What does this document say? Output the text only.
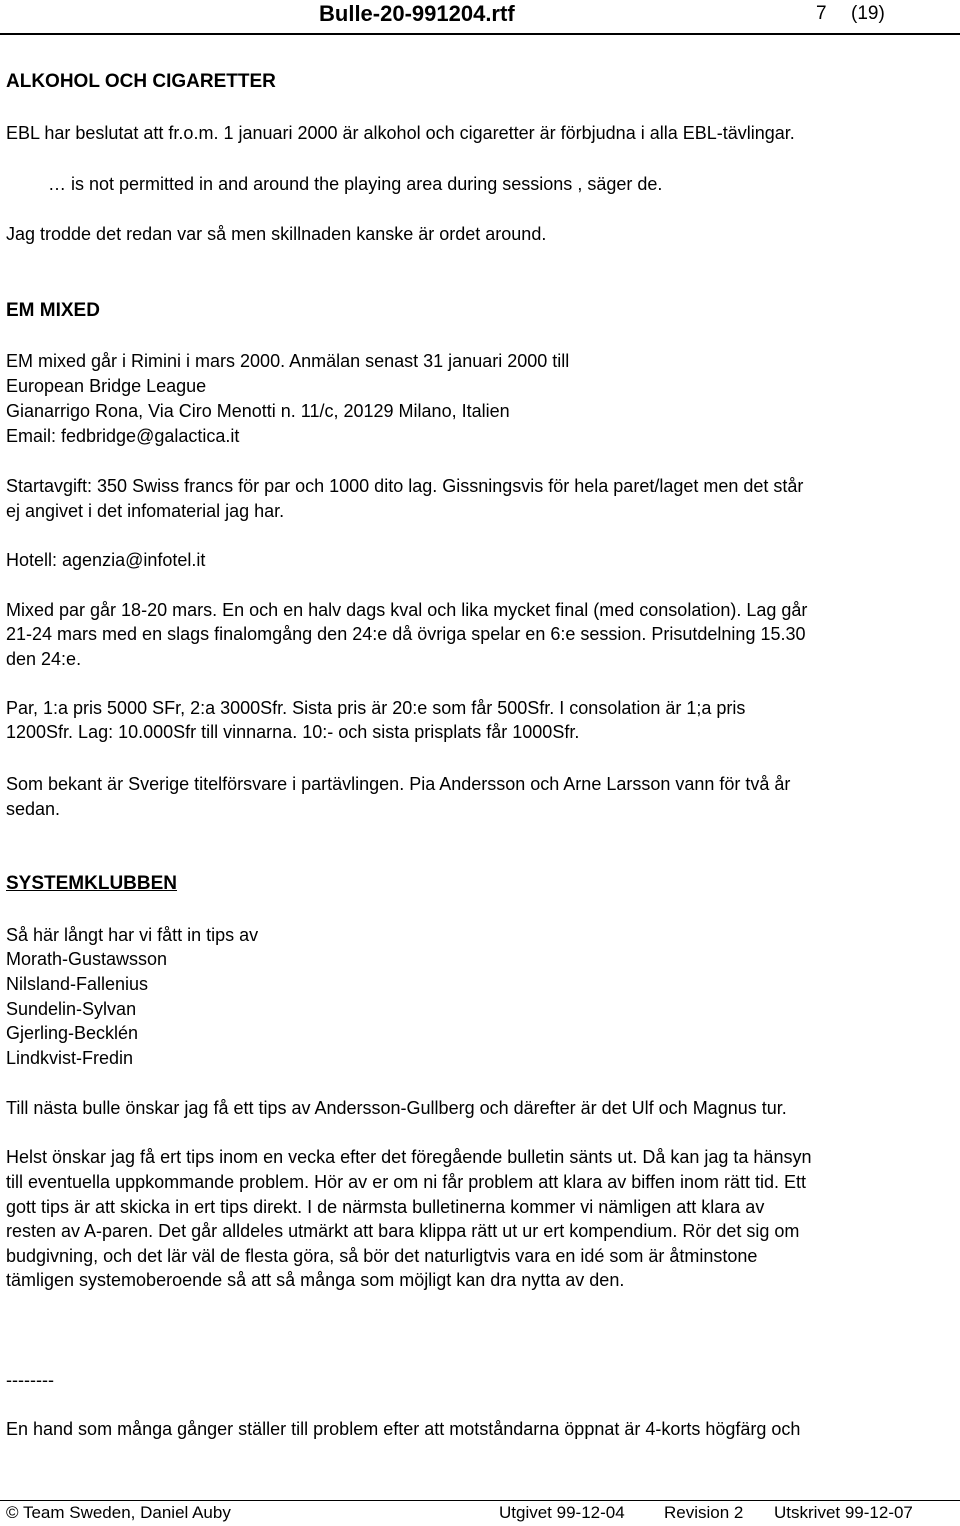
Bulle-20-991204.rtf	7 (19)
ALKOHOL OCH CIGARETTER
EBL har beslutat att fr.o.m. 1 januari 2000 är alkohol och cigaretter är förbjudna i alla EBL-tävlingar.
… is not permitted in and around the playing area during sessions , säger de.
Jag trodde det redan var så men skillnaden kanske är ordet around.
EM MIXED
EM mixed går i Rimini i mars 2000. Anmälan senast 31 januari 2000 till
European Bridge League
Gianarrigo Rona, Via Ciro Menotti n. 11/c, 20129 Milano, Italien
Email: fedbridge@galactica.it
Startavgift: 350 Swiss francs för par och 1000 dito lag. Gissningsvis för hela paret/laget men det står
ej angivet i det infomaterial jag har.
Hotell: agenzia@infotel.it
Mixed par går 18-20 mars. En och en halv dags kval och lika mycket final (med consolation). Lag går
21-24 mars med en slags finalomgång den 24:e då övriga spelar en 6:e session. Prisutdelning 15.30
den 24:e.
Par, 1:a pris 5000 SFr, 2:a 3000Sfr. Sista pris är 20:e som får 500Sfr. I consolation är 1;a pris
1200Sfr. Lag: 10.000Sfr till vinnarna. 10:- och sista prisplats får 1000Sfr.
Som bekant är Sverige titelförsvare i partävlingen. Pia Andersson och Arne Larsson vann för två år
sedan.
SYSTEMKLUBBEN
Så här långt har vi fått in tips av
Morath-Gustawsson
Nilsland-Fallenius
Sundelin-Sylvan
Gjerling-Becklén
Lindkvist-Fredin
Till nästa bulle önskar jag få ett tips av Andersson-Gullberg och därefter är det Ulf och Magnus tur.
Helst önskar jag få ert tips inom en vecka efter det föregående bulletin sänts ut. Då kan jag ta hänsyn
till eventuella uppkommande problem. Hör av er om ni får problem att klara av biffen inom rätt tid. Ett
gott tips är att skicka in ert tips direkt. I de närmsta bulletinerna kommer vi nämligen att klara av
resten av A-paren. Det går alldeles utmärkt att bara klippa rätt ut ur ert kompendium. Rör det sig om
budgivning, och det lär väl de flesta göra, så bör det naturligtvis vara en idé som är åtminstone
tämligen systemoberoende så att så många som möjligt kan dra nytta av den.
--------
En hand som många gånger ställer till problem efter att motståndarna öppnat är 4-korts högfärg och
© Team Sweden, Daniel Auby	Utgivet 99-12-04 Revision 2 Utskrivet 99-12-07
